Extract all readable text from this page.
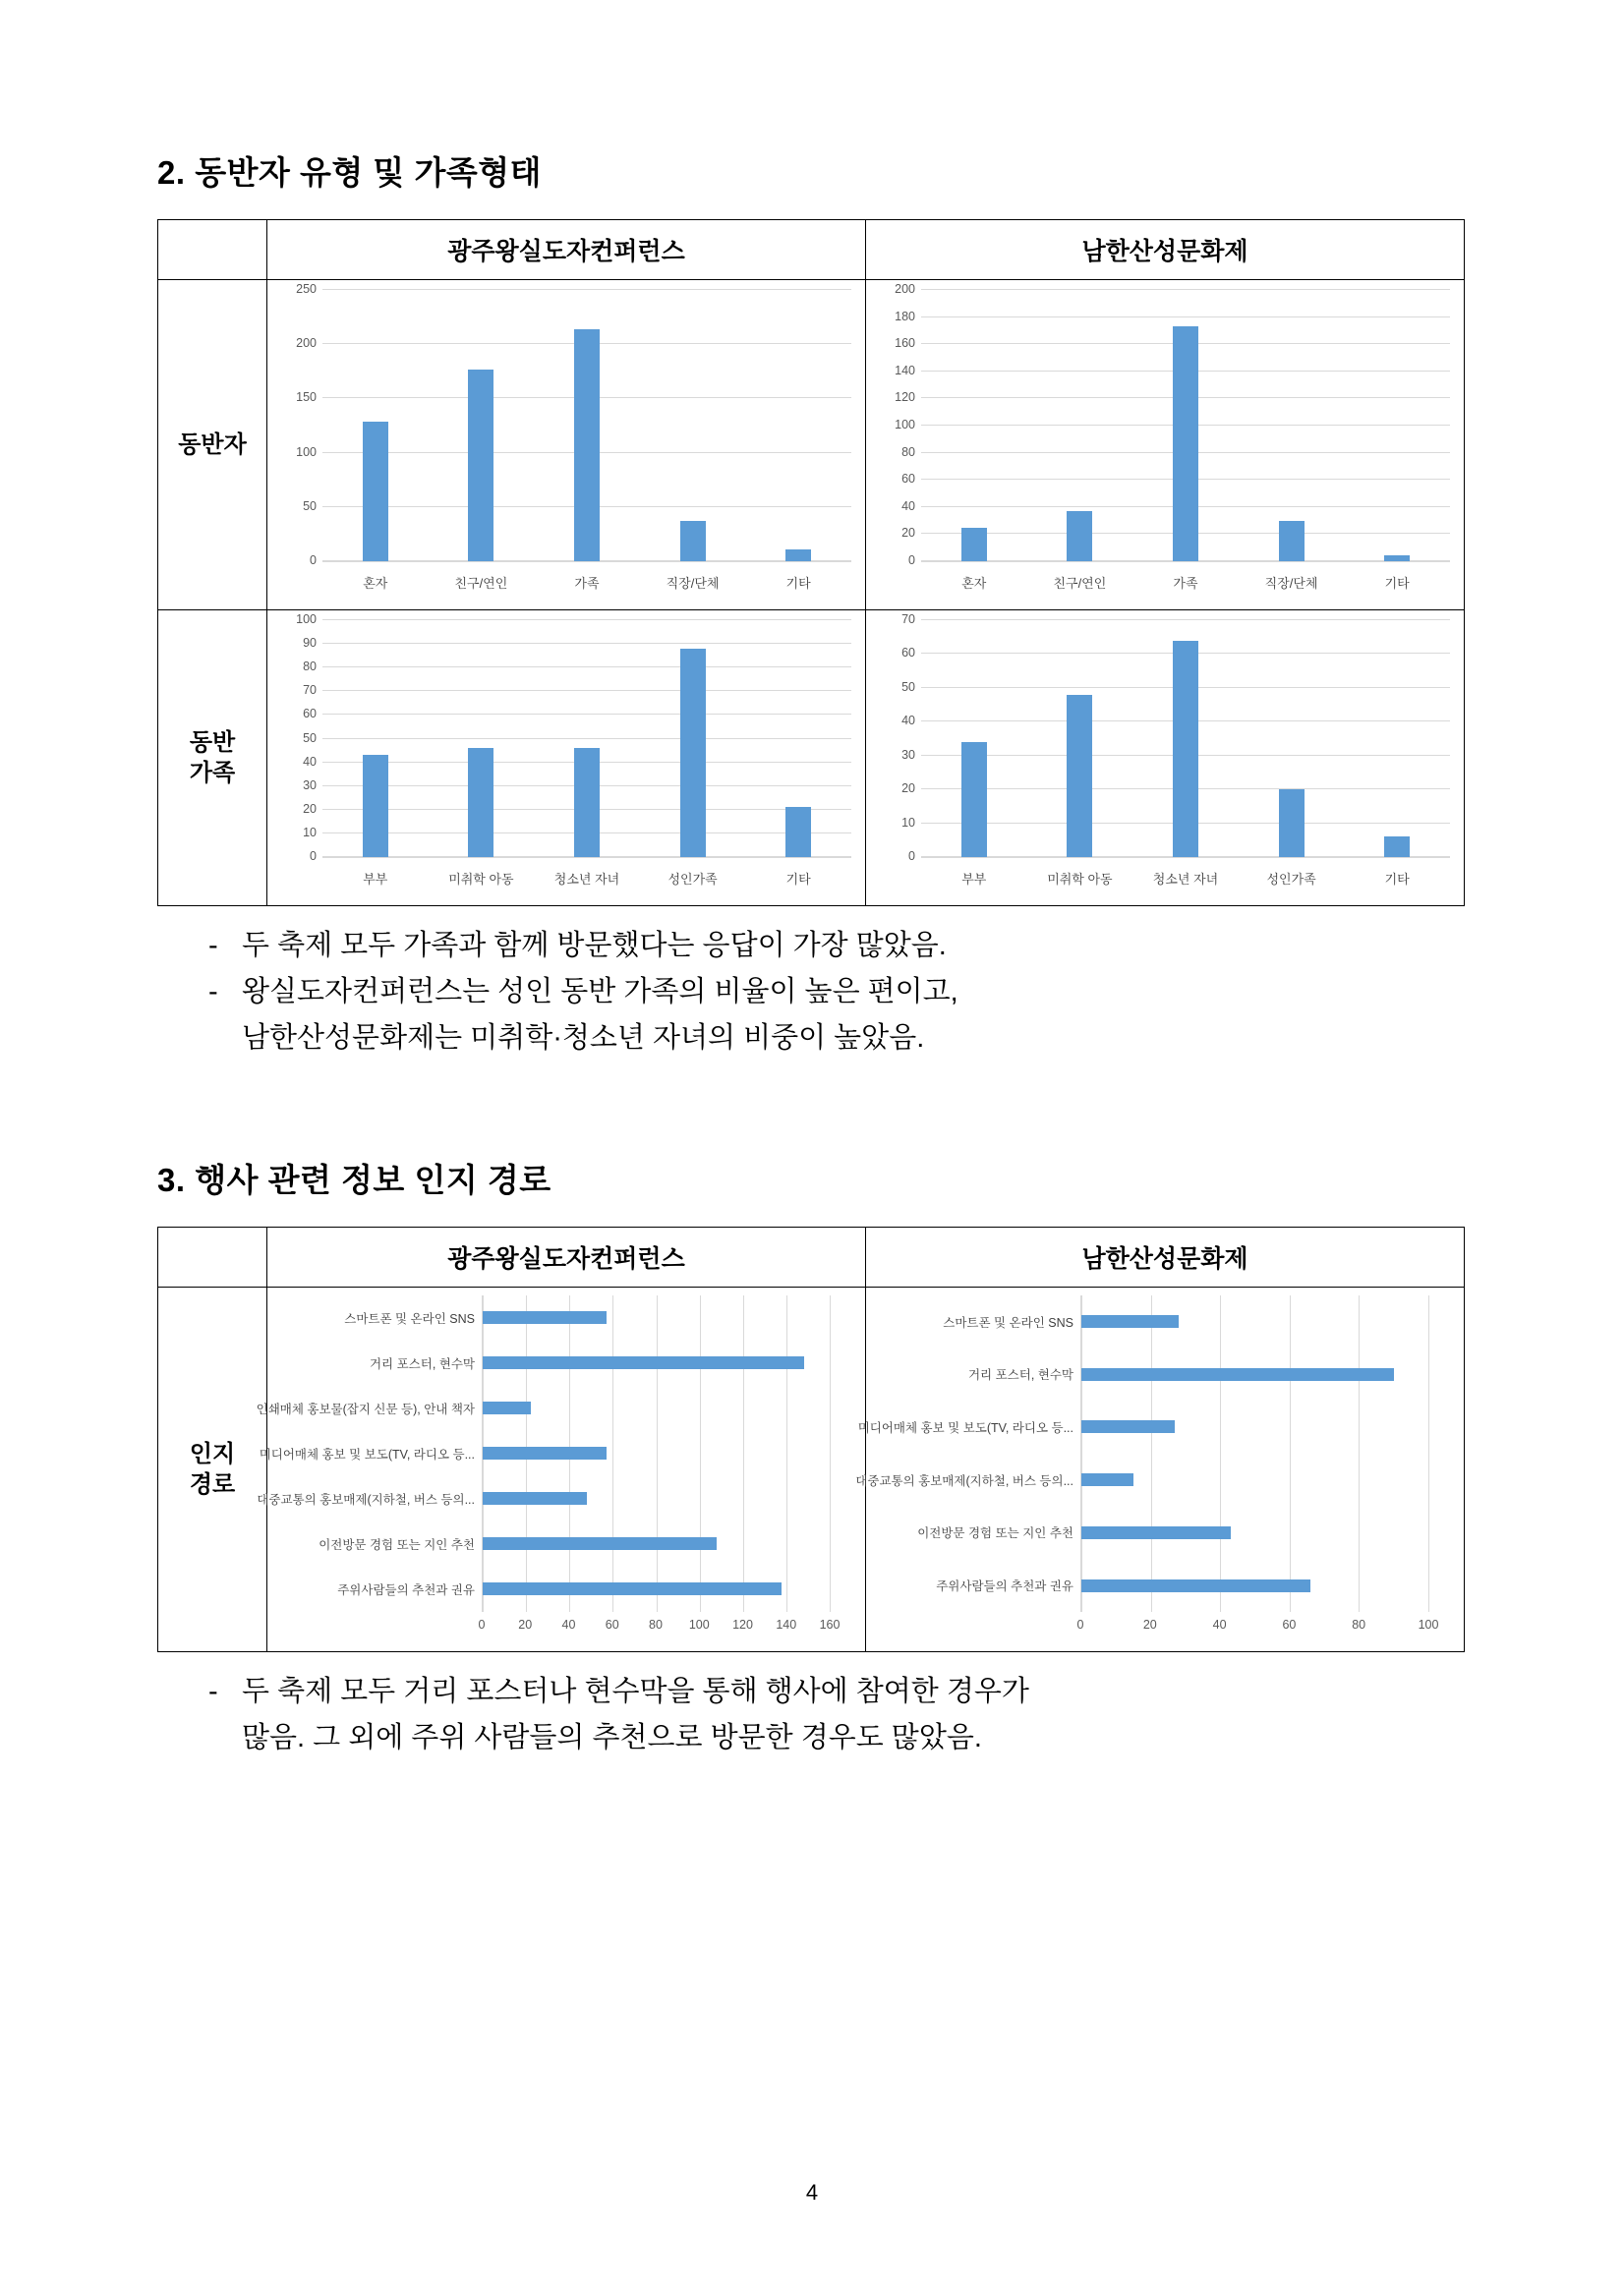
2. 동반자 유형 및 가족형태
	광주왕실도자컨퍼런스	남한산성문화제
동반자	
0
50
100
150
200
250
혼자	친구/연인	가족	직장/단체	기타

0
20
40
60
80
100
120
140
160
180
200
혼자	친구/연인	가족	직장/단체	기타

동반
가족

0
10
20
30
40
50
60
70
80
90
100
부부	미취학 아동	청소년 자녀	성인가족	기타

0
10
20
30
40
50
60
70
부부	미취학 아동	청소년 자녀	성인가족	기타
- 두 축제 모두 가족과 함께 방문했다는 응답이 가장 많았음.
- 왕실도자컨퍼런스는 성인 동반 가족의 비율이 높은 편이고,
남한산성문화제는 미취학·청소년 자녀의 비중이 높았음.
3. 행사 관련 정보 인지 경로
	광주왕실도자컨퍼런스	남한산성문화제

인지
경로

스마트폰 및 온라인 SNS
거리 포스터, 현수막
인쇄매체 홍보물(잡지 신문 등), 안내 책자
미디어매체 홍보 및 보도(TV, 라디오 등...
대중교통의 홍보매제(지하철, 버스 등의...
이전방문 경험 또는 지인 추천
주위사람들의 추천과 권유
0	20 40 60 80 100 120 140 160

스마트폰 및 온라인 SNS
거리 포스터, 현수막
미디어매체 홍보 및 보도(TV, 라디오 등...
대중교통의 홍보매제(지하철, 버스 등의...
이전방문 경험 또는 지인 추천
주위사람들의 추천과 권유
0	20	40	60	80	100
- 두 축제 모두 거리 포스터나 현수막을 통해 행사에 참여한 경우가
많음. 그 외에 주위 사람들의 추천으로 방문한 경우도 많았음.
4
